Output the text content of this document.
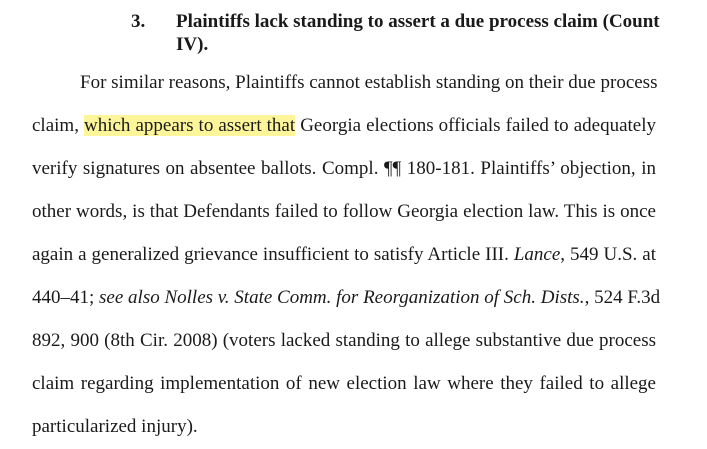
3. Plaintiffs lack standing to assert a due process claim (Count IV).
For similar reasons, Plaintiffs cannot establish standing on their due process
claim, which appears to assert that Georgia elections officials failed to adequately
verify signatures on absentee ballots. Compl. ¶¶ 180-181. Plaintiffs’ objection, in
other words, is that Defendants failed to follow Georgia election law. This is once
again a generalized grievance insufficient to satisfy Article III. Lance, 549 U.S. at
440–41; see also Nolles v. State Comm. for Reorganization of Sch. Dists., 524 F.3d
892, 900 (8th Cir. 2008) (voters lacked standing to allege substantive due process
claim regarding implementation of new election law where they failed to allege
particularized injury).
